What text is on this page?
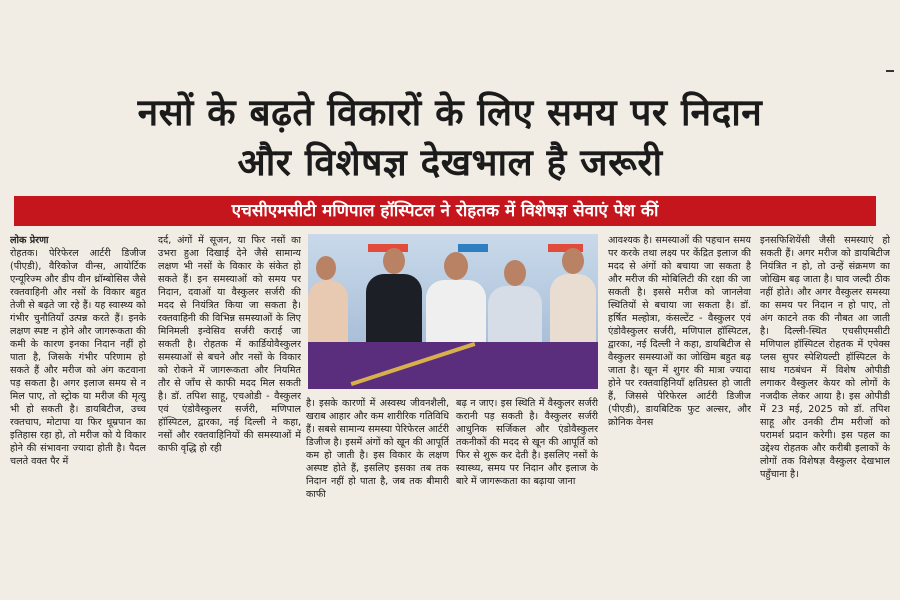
नसों के बढ़ते विकारों के लिए समय पर निदान
और विशेषज्ञ देखभाल है जरूरी
एचसीएमसीटी मणिपाल हॉस्पिटल ने रोहतक में विशेषज्ञ सेवाएं पेश कीं

लोक प्रेरणा

रोहतक। पेरिफेरल आर्टरी डिजीज (पीएडी), वैरिकोज वीन्स, आयोर्टिक एन्यूरिज्म और डीप वीन थ्रॉम्बोसिस जैसे रक्तवाहिनी और नसों के विकार बहुत तेजी से बढ़ते जा रहे हैं। यह स्वास्थ्य को गंभीर चुनौतियाँ उत्पन्न करते हैं। इनके लक्षण स्पष्ट न होने और जागरूकता की कमी के कारण इनका निदान नहीं हो पाता है, जिसके गंभीर परिणाम हो सकते हैं और मरीज को अंग कटवाना पड़ सकता है। अगर इलाज समय से न मिल पाए, तो स्ट्रोक या मरीज की मृत्यु भी हो सकती है। डायबिटीज, उच्च रक्तचाप, मोटापा या फिर धूम्रपान का इतिहास रहा हो, तो मरीज को ये विकार होने की संभावना ज्यादा होती है। पैदल चलते वक्त पैर में

दर्द, अंगों में सूजन, या फिर नसों का उभरा हुआ दिखाई देने जैसे सामान्य लक्षण भी नसों के विकार के संकेत हो सकते हैं। इन समस्याओं को समय पर निदान, दवाओं या वैस्कुलर सर्जरी की मदद से नियंत्रित किया जा सकता है। रक्तवाहिनी की विभिन्न समस्याओं के लिए मिनिमली इन्वेसिव सर्जरी कराई जा सकती है। रोहतक में कार्डियोवैस्कुलर समस्याओं से बचने और नसों के विकार को रोकने में जागरूकता और नियमित तौर से जाँच से काफी मदद मिल सकती है। डॉ. तपिश साहू, एचओडी - वैस्कुलर एवं एंडोवैस्कुलर सर्जरी, मणिपाल हॉस्पिटल, द्वारका, नई दिल्ली ने कहा, नसों और रक्तवाहिनियों की समस्याओं में काफी वृद्धि हो रही

है। इसके कारणों में अस्वस्थ जीवनशैली, खराब आहार और कम शारीरिक गतिविधि हैं। सबसे सामान्य समस्या पेरिफेरल आर्टरी डिजीज है। इसमें अंगों को खून की आपूर्ति कम हो जाती है। इस विकार के लक्षण अस्पष्ट होते हैं, इसलिए इसका तब तक निदान नहीं हो पाता है, जब तक बीमारी काफी

बढ़ न जाए। इस स्थिति में वैस्कुलर सर्जरी करानी पड़ सकती है। वैस्कुलर सर्जरी आधुनिक सर्जिकल और एंडोवैस्कुलर तकनीकों की मदद से खून की आपूर्ति को फिर से शुरू कर देती है। इसलिए नसों के स्वास्थ्य, समय पर निदान और इलाज के बारे में जागरूकता का बढ़ाया जाना

आवश्यक है। समस्याओं की पहचान समय पर करके तथा लक्ष्य पर केंद्रित इलाज की मदद से अंगों को बचाया जा सकता है और मरीज की मोबिलिटी की रक्षा की जा सकती है। इससे मरीज को जानलेवा स्थितियों से बचाया जा सकता है। डॉ. हर्षित मल्होत्रा, कंसल्टेंट - वैस्कुलर एवं एंडोवैस्कुलर सर्जरी, मणिपाल हॉस्पिटल, द्वारका, नई दिल्ली ने कहा, डायबिटीज से वैस्कुलर समस्याओं का जोखिम बहुत बढ़ जाता है। खून में शुगर की मात्रा ज्यादा होने पर रक्तवाहिनियाँ क्षतिग्रस्त हो जाती हैं, जिससे पेरिफेरल आर्टरी डिजीज (पीएडी), डायबिटिक फुट अल्सर, और क्रोनिक वेनस

इनसफिशियेंसी जैसी समस्याएं हो सकती हैं। अगर मरीज को डायबिटीज नियंत्रित न हो, तो उन्हें संक्रमण का जोखिम बढ़ जाता है। घाव जल्दी ठीक नहीं होते। और अगर वैस्कुलर समस्या का समय पर निदान न हो पाए, तो अंग काटने तक की नौबत आ जाती है। दिल्ली-स्थित एचसीएमसीटी मणिपाल हॉस्पिटल रोहतक में एपेक्स प्लस सुपर स्पेशियल्टी हॉस्पिटल के साथ गठबंधन में विशेष ओपीडी लगाकर वैस्कुलर केयर को लोगों के नजदीक लेकर आया है। इस ओपीडी में 23 मई, 2025 को डॉ. तपिश साहू और उनकी टीम मरीजों को परामर्श प्रदान करेगी। इस पहल का उद्देश्य रोहतक और करीबी इलाकों के लोगों तक विशेषज्ञ वैस्कुलर देखभाल पहुँचाना है।
